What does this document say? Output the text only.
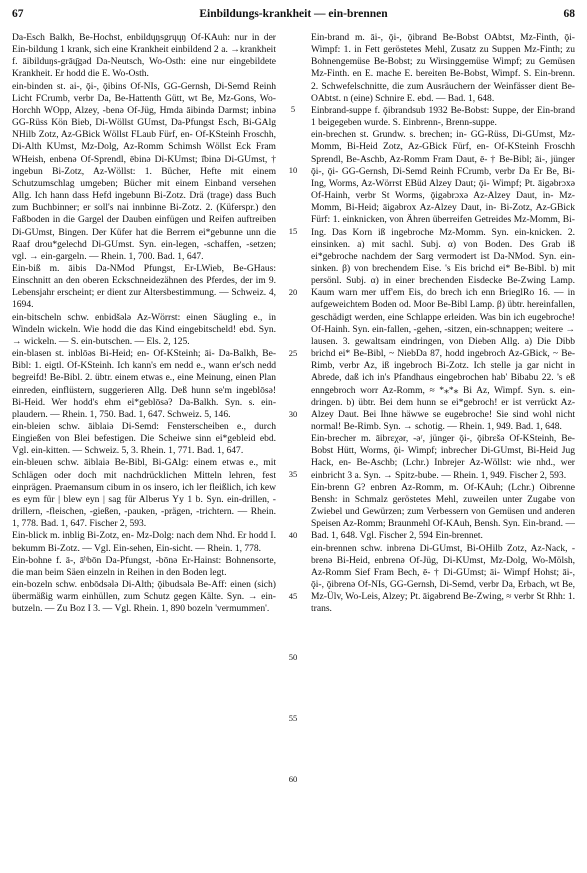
67	Einbildungs-krankheit — ein-brennen	68

Da-Esch Balkh, Be-Hochst, enbildųŋsgrųųŋ Of-KAuh: nur in der Ein-bildung 1 krank, sich eine Krankheit einbildend 2 a. →krankheit f. āibilduŋs-grāų̄gəd Da-Neutsch, Wo-Osth: eine nur eingebildete Krankheit. Er hodd die E. Wo-Osth.

ein-binden st. ai-, ǭi-, ǭibins Of-NIs, GG-Gernsh, Di-Semd Reinh Licht FCrumb, verbr Da, Be-Hattenth Gütt, wt Be, Mz-Gons, Wo-Horchh WOpp, Alzey, -benə Of-Jüg, Hmda āibində Darmst; inbinə GG-Rüss Kön Bieb, Di-Wöllst GUmst, Da-Pfungst Esch, Bi-GAlg NHilb Zotz, Az-GBick Wöllst FLaub Fürf, en- Of-KSteinh Froschh, Di-Alth KUmst, Mz-Dolg, Az-Romm Schimsh Wöllst Eck Fram WHeish, enbenə Of-Sprendl, ēbinə Di-KUmst; ī̆binə Di-GUmst, † ingebun Bi-Zotz, Az-Wöllst: 1. Bücher, Hefte mit einem Schutzumschlag umgeben; Bücher mit einem Einband versehen Allg. Ich hann dass Hefd ingebunn Bi-Zotz. Drä (trage) dass Buch zum Buchbinner; er soll's nai innbinne Bi-Zotz. 2. (Küferspr.) den Faßboden in die Gargel der Dauben einfügen und Reifen auftreiben Di-GUmst, Bingen. Der Küfer hat die Berrem ei*gebunne unn die Raaf drou*gelechd Di-GUmst. Syn. ein-legen, -schaffen, -setzen; vgl. → ein-gargeln. — Rhein. 1, 700. Bad. 1, 647.

Ein-biß m. āibis Da-NMod Pfungst, Er-LWieb, Be-GHaus: Einschnitt an den oberen Eckschneidezähnen des Pferdes, der im 9. Lebensjahr erscheint; er dient zur Altersbestimmung. — Schweiz. 4, 1694.

ein-bitscheln schw. enbidšələ Az-Wörrst: einen Säugling e., in Windeln wickeln. Wie hodd die das Kind eingebitscheld! ebd. Syn. → wickeln. — S. ein-butschen. — Els. 2, 125.

ein-blasen st. inblōəs Bi-Heid; en- Of-KSteinh; āi- Da-Balkh, Be-Bibl: 1. eigtl. Of-KSteinh. Ich kann's em nedd e., wann er'sch nedd begreifd! Be-Bibl. 2. übtr. einem etwas e., eine Meinung, einen Plan einreden, einflüstern, suggerieren Allg. Deß hunn se'm ingeblōsə! Bi-Heid. Wer hodd's ehm ei*geblōsə? Da-Balkh. Syn. s. ein-plaudern. — Rhein. 1, 750. Bad. 1, 647. Schweiz. 5, 146.

ein-bleien schw. āiblaiə Di-Semd: Fensterscheiben e., durch Eingießen von Blei befestigen. Die Scheiwe sinn ei*gebleid ebd. Vgl. ein-kitten. — Schweiz. 5, 3. Rhein. 1, 771. Bad. 1, 647.

ein-bleuen schw. āiblaiə Be-Bibl, Bi-GAlg: einem etwas e., mit Schlägen oder doch mit nachdrücklichen Mitteln lehren, fest einprägen. Praemansum cibum in os insero, ich ler fleißlich, ich kew es eym für | blew eyn | sag für Alberus Yy 1 b. Syn. ein-drillen, -drillern, -fleischen, -gießen, -pauken, -prägen, -trichtern. — Rhein. 1, 778. Bad. 1, 647. Fischer 2, 593.

Ein-blick m. inblig Bi-Zotz, en- Mz-Dolg: nach dem Nhd. Er hodd I. bekumm Bi-Zotz. — Vgl. Ein-sehen, Ein-sicht. — Rhein. 1, 778.

Ein-bohne f. ā-, āʰbōn Da-Pfungst, -bōnə Er-Hainst: Bohnensorte, die man beim Säen einzeln in Reihen in den Boden legt.

ein-bozeln schw. enbōdsələ Di-Alth; ǭibudsələ Be-Aff: einen (sich) übermäßig warm einhüllen, zum Schutz gegen Kälte. Syn. → ein-butzeln. — Zu Boz I 3. — Vgl. Rhein. 1, 890 bozeln 'vermummen'.

5
10
15
20
25
30
35
40
45
50
55
60

Ein-brand m. āi-, ǭi-, ǭibrand Be-Bobst OAbtst, Mz-Finth, ǭi- Wimpf: 1. in Fett geröstetes Mehl, Zusatz zu Suppen Mz-Finth; zu Bohnengemüse Be-Bobst; zu Wirsinggemüse Wimpf; zu Gemüsen Mz-Finth. en E. mache E. bereiten Be-Bobst, Wimpf. S. Ein-brenn. 2. Schwefelschnitte, die zum Ausräuchern der Weinfässer dient Be-OAbtst. n (eine) Schnire E. ebd. — Bad. 1, 648.

Einbrand-suppe f. ǭibrandsub 1932 Be-Bobst: Suppe, der Ein-brand 1 beigegeben wurde. S. Einbrenn-, Brenn-suppe.

ein-brechen st. Grundw. s. brechen; in- GG-Rüss, Di-GUmst, Mz-Momm, Bi-Heid Zotz, Az-GBick Fürf, en- Of-KSteinh Froschh Sprendl, Be-Aschb, Az-Romm Fram Daut, ē- † Be-Bibl; āi-, jünger ǭi-, ǭi- GG-Gernsh, Di-Semd Reinh FCrumb, verbr Da Er Be, Bi-Ing, Worms, Az-Wörrst EBüd Alzey Daut; ǭi- Wimpf; Pt. āigəbrɔxə Of-Hainh, verbr St Worms, ǭigəbrɔxə Az-Alzey Daut, in- Mz-Momm, Bi-Heid; āigəbrox Az-Alzey Daut, in- Bi-Zotz, Az-GBick Fürf: 1. einknicken, von Ähren überreifen Getreides Mz-Momm, Bi-Ing. Das Korn iß ingebroche Mz-Momm. Syn. ein-knicken. 2. einsinken. a) mit sachl. Subj. α) von Boden. Des Grab iß ei*gebroche nachdem der Sarg vermodert ist Da-NMod. Syn. ein-sinken. β) von brechendem Eise. 's Eis brichd ei* Be-Bibl. b) mit persönl. Subj. α) in einer brechenden Eisdecke Be-Zwing Lamp. Kaum warn mer uff'em Eis, do brech ich enn BrieglRo 16. — in aufgeweichtem Boden od. Moor Be-Bibl Lamp. β) übtr. hereinfallen, geschädigt werden, eine Schlappe erleiden. Was bin ich eugebroche! Of-Hainh. Syn. ein-fallen, -gehen, -sitzen, ein-schnappen; weitere → lausen. 3. gewaltsam eindringen, von Dieben Allg. a) Die Dibb brichd ei* Be-Bibl, ~ NiebDa 87, hodd ingebroch Az-GBick, ~ Be-Rimb, verbr Az, iß ingebroch Bi-Zotz. Ich stelle ja gar nicht in Abrede, daß ich in's Pfandhaus eingebrochen hab' Bibabu 22. 's eß enngebroch worr Az-Romm, ≈ *⁎*⁎ Bi Az, Wimpf. Syn. s. ein-dringen. b) übtr. Bei dem hunn se ei*gebroch! er ist verrückt Az-Alzey Daut. Bei Ihne häwwe se eugebroche! Sie sind wohl nicht normal! Be-Rimb. Syn. → schotig. — Rhein. 1, 949. Bad. 1, 648.

Ein-brecher m. āibrɛχər, -əʳ, jünger ǭi-, ǭibrɛšə Of-KSteinh, Be-Bobst Hütt, Worms, ǭi- Wimpf; inbrecher Di-GUmst, Bi-Heid Jug Hack, en- Be-Aschb; (Lchr.) Inbrejer Az-Wöllst: wie nhd., wer einbricht 3 a. Syn. → Spitz-bube. — Rhein. 1, 949. Fischer 2, 593.

Ein-brenn G? enbren Az-Romm, m. Of-KAuh; (Lchr.) Oibrenne Bensh: in Schmalz geröstetes Mehl, zuweilen unter Zugabe von Zwiebel und Gewürzen; zum Verbessern von Gemüsen und anderen Speisen Az-Romm; Braunmehl Of-KAuh, Bensh. Syn. Ein-brand. — Bad. 1, 648. Vgl. Fischer 2, 594 Ein-brennet.

ein-brennen schw. inbrenə Di-GUmst, Bi-OHilb Zotz, Az-Nack, -brenə Bi-Heid, enbrenə Of-Jüg, Di-KUmst, Mz-Dolg, Wo-Mölsh, Az-Romm Sief Fram Bech, ē- † Di-GUmst; āi- Wimpf Hohst; āi-, ǭi-, ǭibrenə Of-NIs, GG-Gernsh, Di-Semd, verbr Da, Erbach, wt Be, Mz-Ülv, Wo-Leis, Alzey; Pt. āigəbrend Be-Zwing, ≈ verbr St Rhh: 1. trans.
